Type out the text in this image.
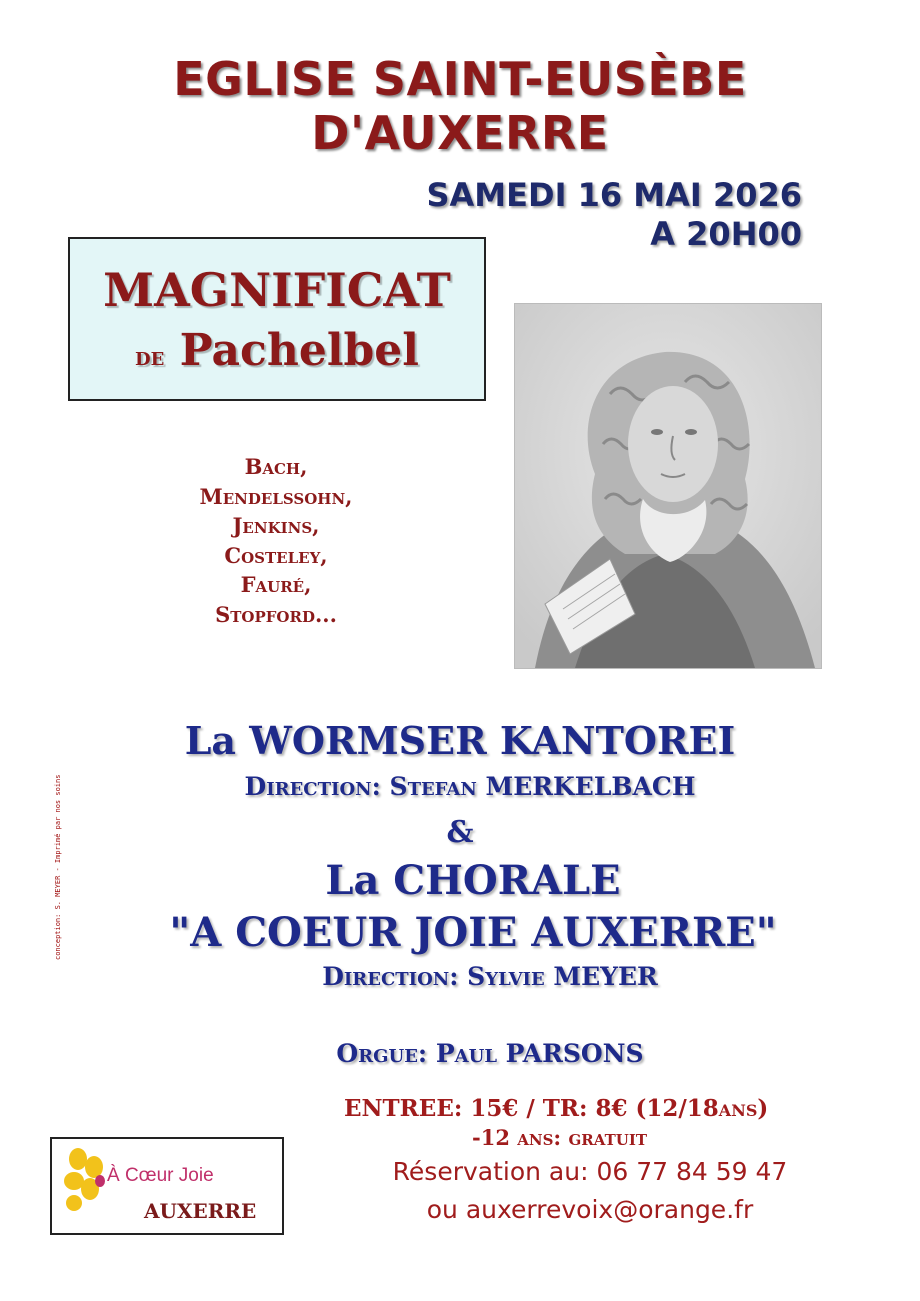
EGLISE SAINT-EUSÈBE
D'AUXERRE
SAMEDI 16 MAI 2026
A 20H00
MAGNIFICAT
de Pachelbel
Bach,
Mendelssohn,
Jenkins,
Costeley,
Fauré,
Stopford...
conception: S. MEYER - Imprimé par nos soins
La WORMSER KANTOREI
Direction: Stefan MERKELBACH
&
La CHORALE
"A COEUR JOIE AUXERRE"
Direction: Sylvie MEYER
Orgue: Paul PARSONS
ENTREE: 15€ / TR: 8€ (12/18ans)
-12 ans: gratuit
Réservation au: 06 77 84 59 47
ou auxerrevoix@orange.fr
À Cœur Joie
AUXERRE
